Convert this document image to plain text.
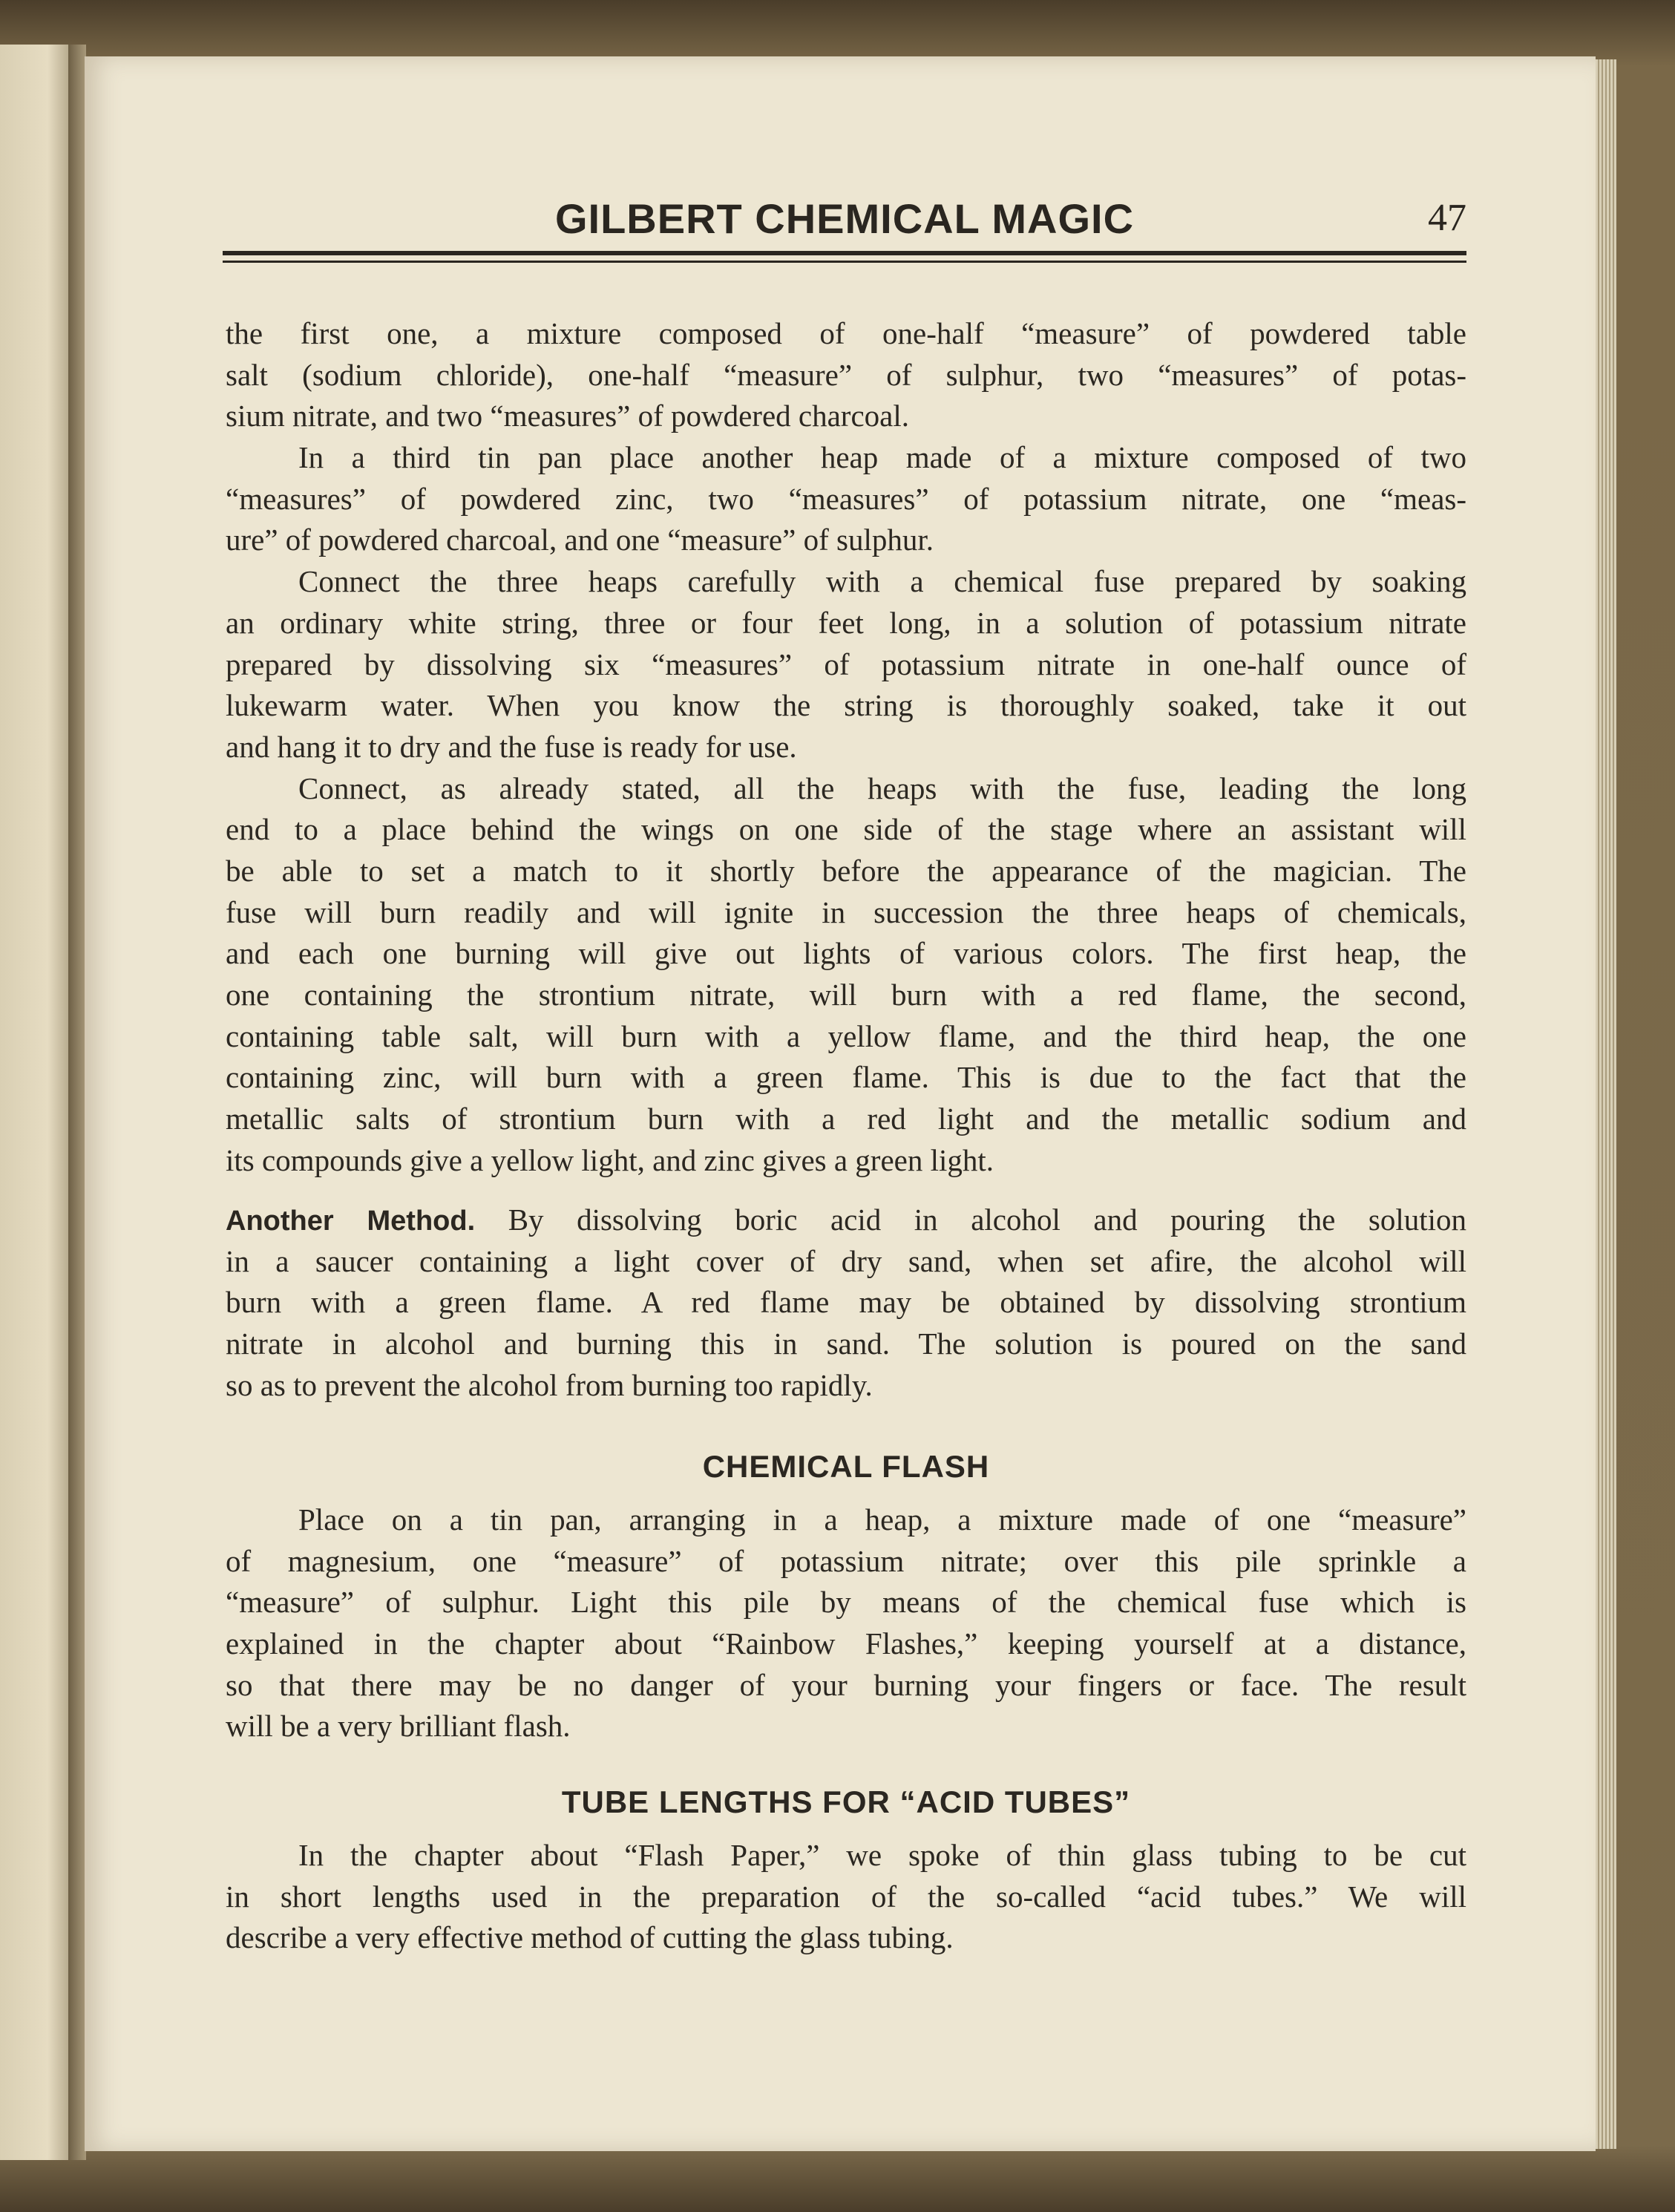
GILBERT CHEMICAL MAGIC	47
the first one, a mixture composed of one-half “measure” of powdered table
salt (sodium chloride), one-half “measure” of sulphur, two “measures” of potas-
sium nitrate, and two “measures” of powdered charcoal.
In a third tin pan place another heap made of a mixture composed of two
“measures” of powdered zinc, two “measures” of potassium nitrate, one “meas-
ure” of powdered charcoal, and one “measure” of sulphur.
Connect the three heaps carefully with a chemical fuse prepared by soaking
an ordinary white string, three or four feet long, in a solution of potassium nitrate
prepared by dissolving six “measures” of potassium nitrate in one-half ounce of
lukewarm water. When you know the string is thoroughly soaked, take it out
and hang it to dry and the fuse is ready for use.
Connect, as already stated, all the heaps with the fuse, leading the long
end to a place behind the wings on one side of the stage where an assistant will
be able to set a match to it shortly before the appearance of the magician. The
fuse will burn readily and will ignite in succession the three heaps of chemicals,
and each one burning will give out lights of various colors. The first heap, the
one containing the strontium nitrate, will burn with a red flame, the second,
containing table salt, will burn with a yellow flame, and the third heap, the one
containing zinc, will burn with a green flame. This is due to the fact that the
metallic salts of strontium burn with a red light and the metallic sodium and
its compounds give a yellow light, and zinc gives a green light.
Another Method. By dissolving boric acid in alcohol and pouring the solution
in a saucer containing a light cover of dry sand, when set afire, the alcohol will
burn with a green flame. A red flame may be obtained by dissolving strontium
nitrate in alcohol and burning this in sand. The solution is poured on the sand
so as to prevent the alcohol from burning too rapidly.
CHEMICAL FLASH
Place on a tin pan, arranging in a heap, a mixture made of one “measure”
of magnesium, one “measure” of potassium nitrate; over this pile sprinkle a
“measure” of sulphur. Light this pile by means of the chemical fuse which is
explained in the chapter about “Rainbow Flashes,” keeping yourself at a distance,
so that there may be no danger of your burning your fingers or face. The result
will be a very brilliant flash.
TUBE LENGTHS FOR “ACID TUBES”
In the chapter about “Flash Paper,” we spoke of thin glass tubing to be cut
in short lengths used in the preparation of the so-called “acid tubes.” We will
describe a very effective method of cutting the glass tubing.
